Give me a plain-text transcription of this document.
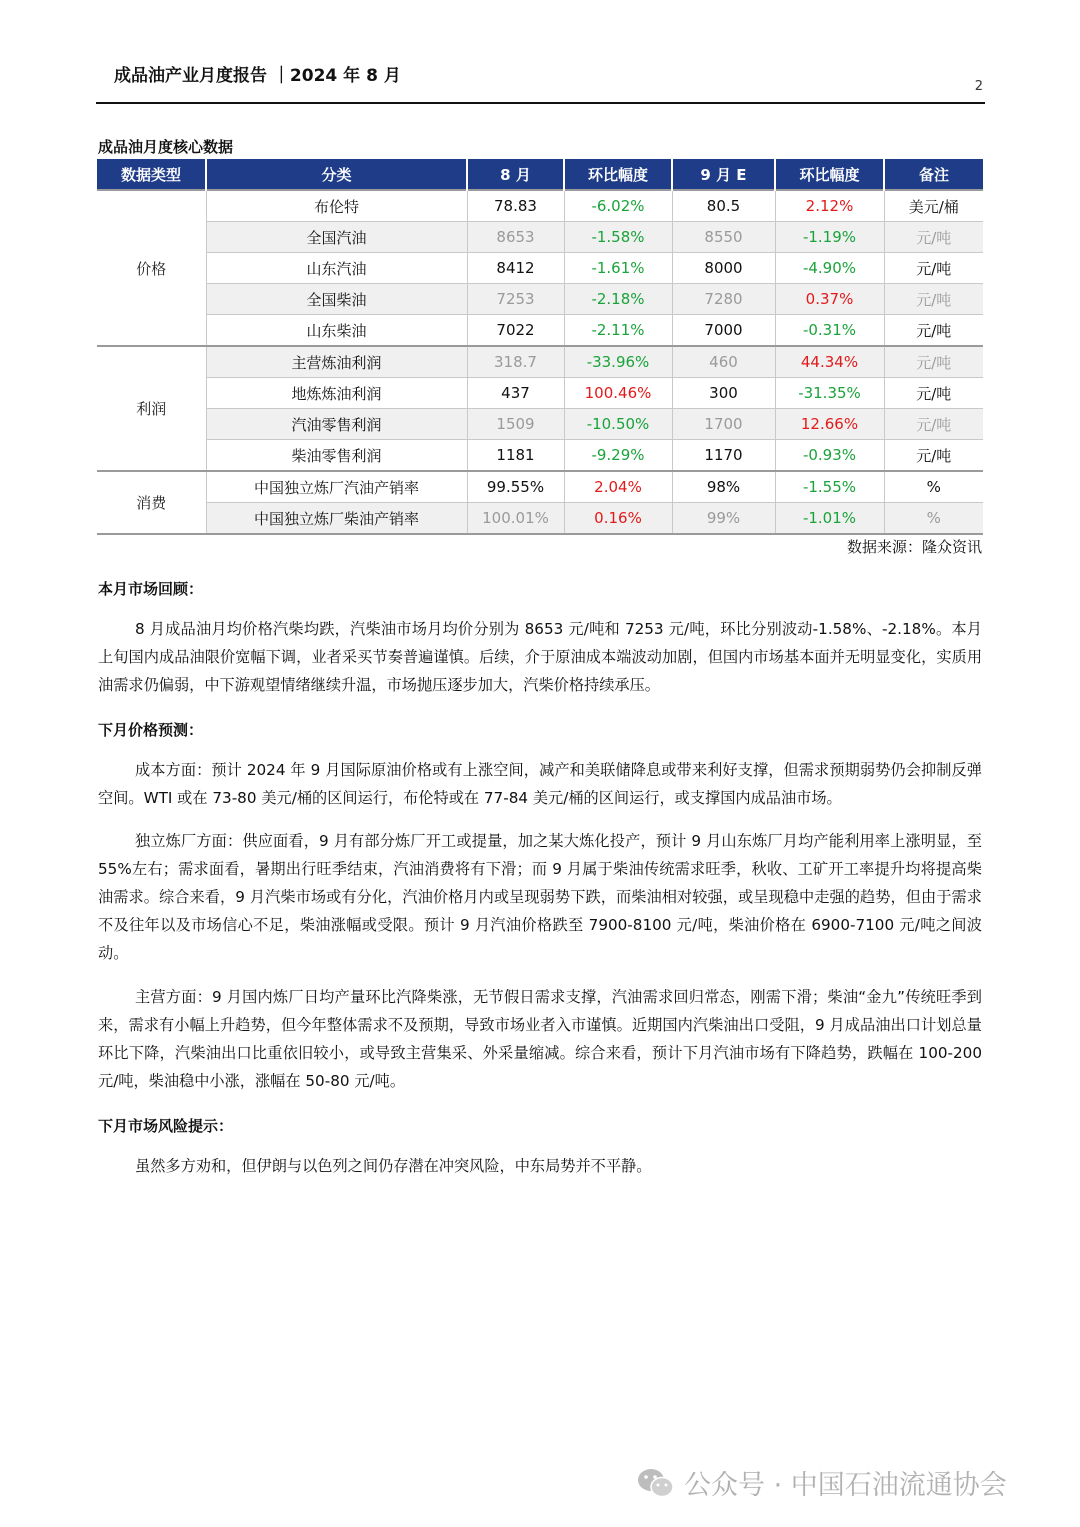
成品油产业月度报告 ｜2024 年 8 月
2
成品油月度核心数据
数据类型	分类	8 月	环比幅度	9 月 E	环比幅度	备注
价格	布伦特	78.83	-6.02%	80.5	2.12%	美元/桶
	全国汽油	8653	-1.58%	8550	-1.19%	元/吨
	山东汽油	8412	-1.61%	8000	-4.90%	元/吨
	全国柴油	7253	-2.18%	7280	0.37%	元/吨
	山东柴油	7022	-2.11%	7000	-0.31%	元/吨
利润	主营炼油利润	318.7	-33.96%	460	44.34%	元/吨
	地炼炼油利润	437	100.46%	300	-31.35%	元/吨
	汽油零售利润	1509	-10.50%	1700	12.66%	元/吨
	柴油零售利润	1181	-9.29%	1170	-0.93%	元/吨
消费	中国独立炼厂汽油产销率	99.55%	2.04%	98%	-1.55%	%
	中国独立炼厂柴油产销率	100.01%	0.16%	99%	-1.01%	%
数据来源：隆众资讯
本月市场回顾：

8 月成品油月均价格汽柴均跌，汽柴油市场月均价分别为 8653 元/吨和 7253 元/吨，环比分别波动-1.58%、-2.18%。本月上旬国内成品油限价宽幅下调，业者采买节奏普遍谨慎。后续，介于原油成本端波动加剧，但国内市场基本面并无明显变化，实质用油需求仍偏弱，中下游观望情绪继续升温，市场抛压逐步加大，汽柴价格持续承压。

下月价格预测：

成本方面：预计 2024 年 9 月国际原油价格或有上涨空间，减产和美联储降息或带来利好支撑，但需求预期弱势仍会抑制反弹空间。WTI 或在 73-80 美元/桶的区间运行，布伦特或在 77-84 美元/桶的区间运行，或支撑国内成品油市场。

独立炼厂方面：供应面看，9 月有部分炼厂开工或提量，加之某大炼化投产，预计 9 月山东炼厂月均产能利用率上涨明显，至 55%左右；需求面看，暑期出行旺季结束，汽油消费将有下滑；而 9 月属于柴油传统需求旺季，秋收、工矿开工率提升均将提高柴油需求。综合来看，9 月汽柴市场或有分化，汽油价格月内或呈现弱势下跌，而柴油相对较强，或呈现稳中走强的趋势，但由于需求不及往年以及市场信心不足，柴油涨幅或受限。预计 9 月汽油价格跌至 7900-8100 元/吨，柴油价格在 6900-7100 元/吨之间波动。

主营方面：9 月国内炼厂日均产量环比汽降柴涨，无节假日需求支撑，汽油需求回归常态，刚需下滑；柴油“金九”传统旺季到来，需求有小幅上升趋势，但今年整体需求不及预期，导致市场业者入市谨慎。近期国内汽柴油出口受阻，9 月成品油出口计划总量环比下降，汽柴油出口比重依旧较小，或导致主营集采、外采量缩减。综合来看，预计下月汽油市场有下降趋势，跌幅在 100-200 元/吨，柴油稳中小涨，涨幅在 50-80 元/吨。

下月市场风险提示：

虽然多方劝和，但伊朗与以色列之间仍存潜在冲突风险，中东局势并不平静。

公众号 · 中国石油流通协会
